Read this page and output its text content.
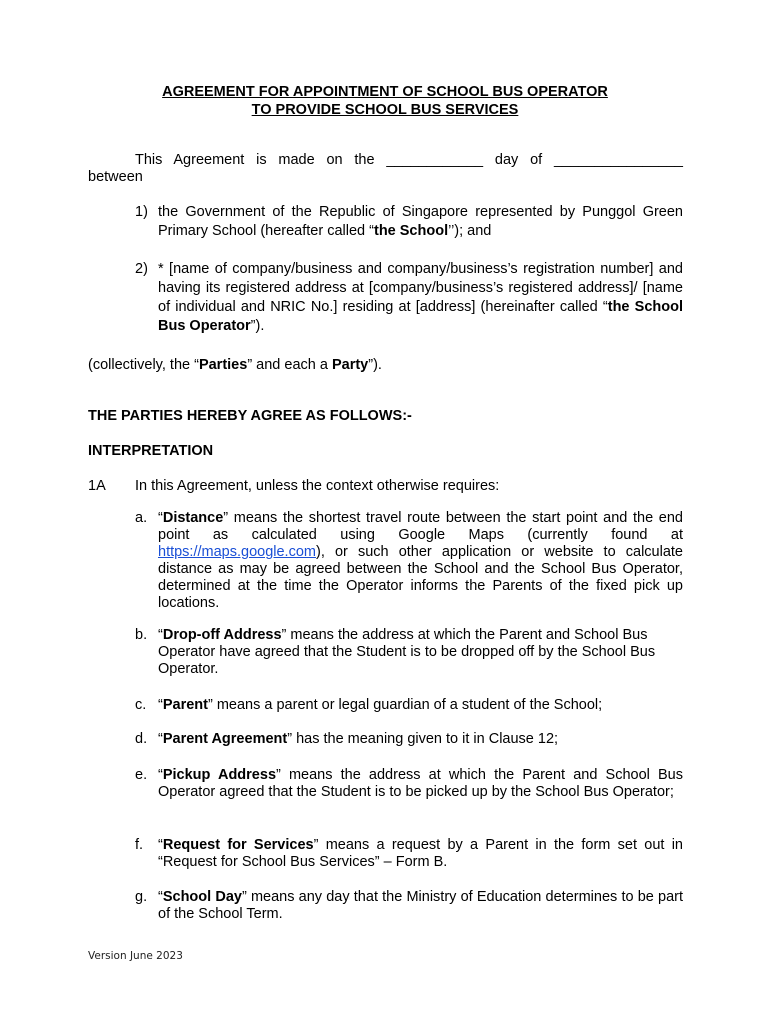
AGREEMENT FOR APPOINTMENT OF SCHOOL BUS OPERATOR
TO PROVIDE SCHOOL BUS SERVICES
This Agreement is made on the ____________ day of ________________
between
1) the Government of the Republic of Singapore represented by Punggol Green Primary School (hereafter called “the School’’); and
2) * [name of company/business and company/business’s registration number] and having its registered address at [company/business’s registered address]/ [name of individual and NRIC No.] residing at [address] (hereinafter called “the School Bus Operator”).
(collectively, the “Parties” and each a Party”).
THE PARTIES HEREBY AGREE AS FOLLOWS:-
INTERPRETATION
1A In this Agreement, unless the context otherwise requires:
a. “Distance” means the shortest travel route between the start point and the end point as calculated using Google Maps (currently found at https://maps.google.com), or such other application or website to calculate distance as may be agreed between the School and the School Bus Operator, determined at the time the Operator informs the Parents of the fixed pick up locations.
b. “Drop-off Address” means the address at which the Parent and School Bus Operator have agreed that the Student is to be dropped off by the School Bus Operator.
c. “Parent” means a parent or legal guardian of a student of the School;
d. “Parent Agreement” has the meaning given to it in Clause 12;
e. “Pickup Address” means the address at which the Parent and School Bus Operator agreed that the Student is to be picked up by the School Bus Operator;
f. “Request for Services” means a request by a Parent in the form set out in “Request for School Bus Services” – Form B.
g. “School Day” means any day that the Ministry of Education determines to be part of the School Term.
Version June 2023
